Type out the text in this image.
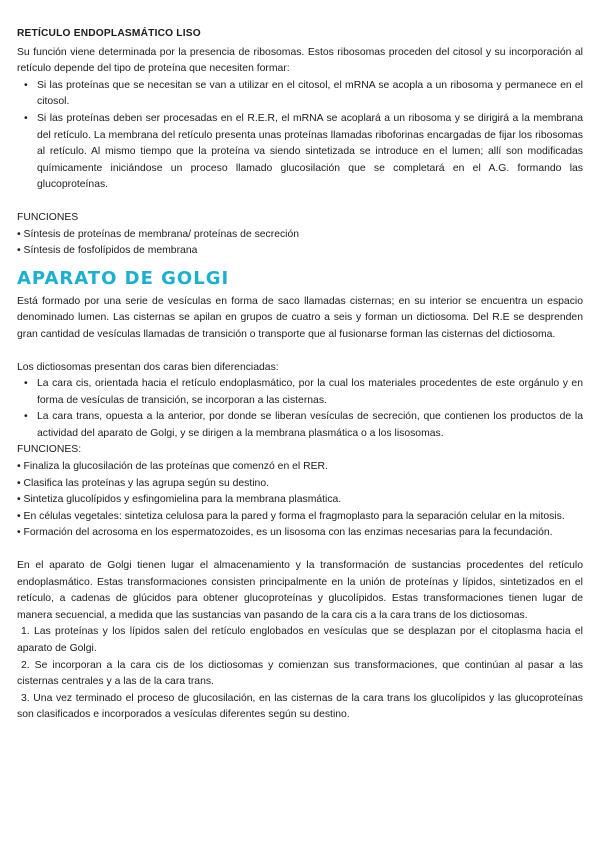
RETÍCULO ENDOPLASMÁTICO LISO

Su función viene determinada por la presencia de ribosomas. Estos ribosomas proceden del citosol y su incorporación al retículo depende del tipo de proteína que necesiten formar:

• Si las proteínas que se necesitan se van a utilizar en el citosol, el mRNA se acopla a un ribosoma y permanece en el citosol.
• Si las proteínas deben ser procesadas en el R.E.R, el mRNA se acoplará a un ribosoma y se dirigirá a la membrana del retículo. La membrana del retículo presenta unas proteínas llamadas riboforinas encargadas de fijar los ribosomas al retículo. Al mismo tiempo que la proteína va siendo sintetizada se introduce en el lumen; allí son modificadas químicamente iniciándose un proceso llamado glucosilación que se completará en el A.G. formando las glucoproteínas.
FUNCIONES
• Síntesis de proteínas de membrana/ proteínas de secreción
• Síntesis de fosfolípidos de membrana
APARATO DE GOLGI

Está formado por una serie de vesículas en forma de saco llamadas cisternas; en su interior se encuentra un espacio denominado lumen. Las cisternas se apilan en grupos de cuatro a seis y forman un dictiosoma. Del R.E se desprenden gran cantidad de vesículas llamadas de transición o transporte que al fusionarse forman las cisternas del dictiosoma.

Los dictiosomas presentan dos caras bien diferenciadas:

• La cara cis, orientada hacia el retículo endoplasmático, por la cual los materiales procedentes de este orgánulo y en forma de vesículas de transición, se incorporan a las cisternas.
• La cara trans, opuesta a la anterior, por donde se liberan vesículas de secreción, que contienen los productos de la actividad del aparato de Golgi, y se dirigen a la membrana plasmática o a los lisosomas.
FUNCIONES:
• Finaliza la glucosilación de las proteínas que comenzó en el RER.
• Clasifica las proteínas y las agrupa según su destino.
• Sintetiza glucolípidos y esfingomielina para la membrana plasmática.
• En células vegetales: sintetiza celulosa para la pared y forma el fragmoplasto para la separación celular en la mitosis.
• Formación del acrosoma en los espermatozoides, es un lisosoma con las enzimas necesarias para la fecundación.

En el aparato de Golgi tienen lugar el almacenamiento y la transformación de sustancias procedentes del retículo endoplasmático. Estas transformaciones consisten principalmente en la unión de proteínas y lípidos, sintetizados en el retículo, a cadenas de glúcidos para obtener glucoproteínas y glucolípidos. Estas transformaciones tienen lugar de manera secuencial, a medida que las sustancias van pasando de la cara cis a la cara trans de los dictiosomas.

1. Las proteínas y los lípidos salen del retículo englobados en vesículas que se desplazan por el citoplasma hacia el aparato de Golgi.
2. Se incorporan a la cara cis de los dictiosomas y comienzan sus transformaciones, que continúan al pasar a las cisternas centrales y a las de la cara trans.
3. Una vez terminado el proceso de glucosilación, en las cisternas de la cara trans los glucolípidos y las glucoproteínas son clasificados e incorporados a vesículas diferentes según su destino.
